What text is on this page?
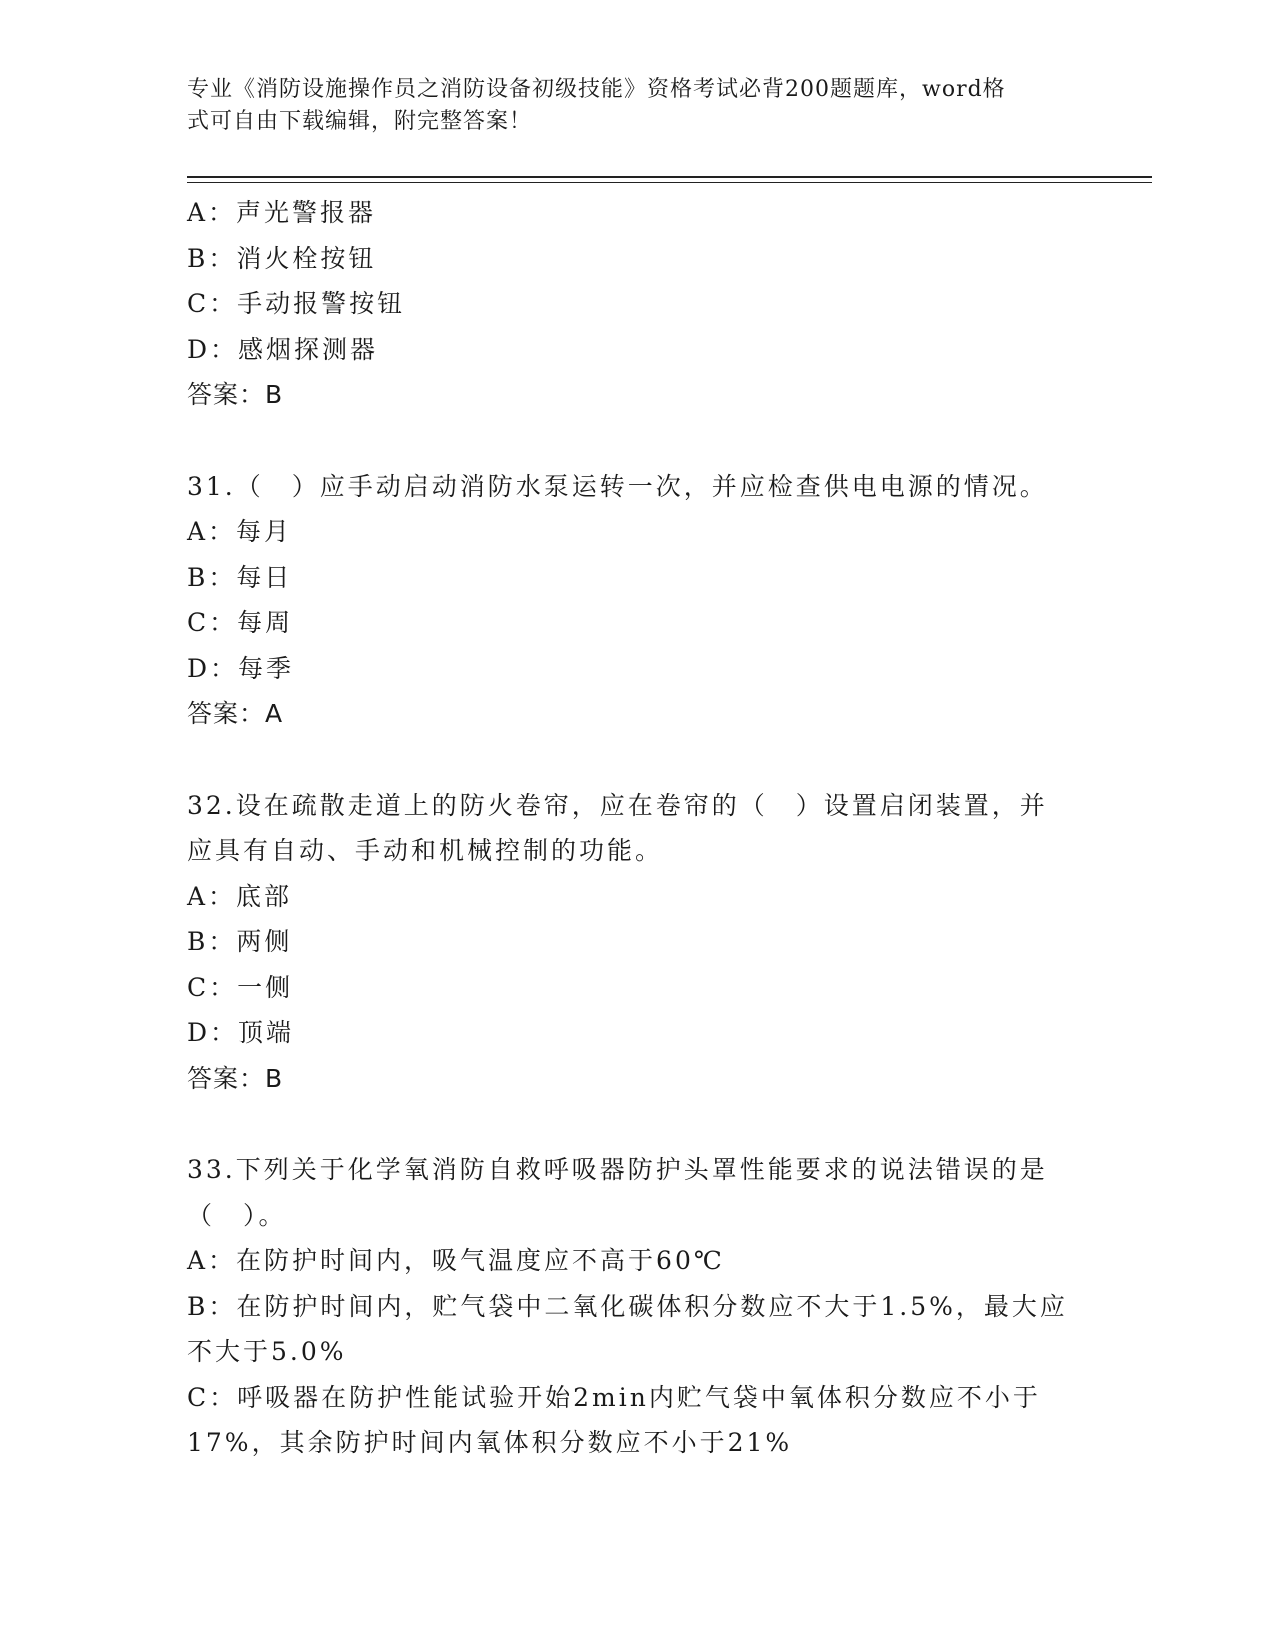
专业《消防设施操作员之消防设备初级技能》资格考试必背200题题库，word格
式可自由下载编辑，附完整答案！
A：声光警报器
B：消火栓按钮
C：手动报警按钮
D：感烟探测器
答案：B
31.（　）应手动启动消防水泵运转一次，并应检查供电电源的情况。
A：每月
B：每日
C：每周
D：每季
答案：A
32.设在疏散走道上的防火卷帘，应在卷帘的（　）设置启闭装置，并
应具有自动、手动和机械控制的功能。
A：底部
B：两侧
C：一侧
D：顶端
答案：B
33.下列关于化学氧消防自救呼吸器防护头罩性能要求的说法错误的是
（　）。
A：在防护时间内，吸气温度应不高于60℃
B：在防护时间内，贮气袋中二氧化碳体积分数应不大于1.5%，最大应
不大于5.0%
C：呼吸器在防护性能试验开始2min内贮气袋中氧体积分数应不小于
17%，其余防护时间内氧体积分数应不小于21%
